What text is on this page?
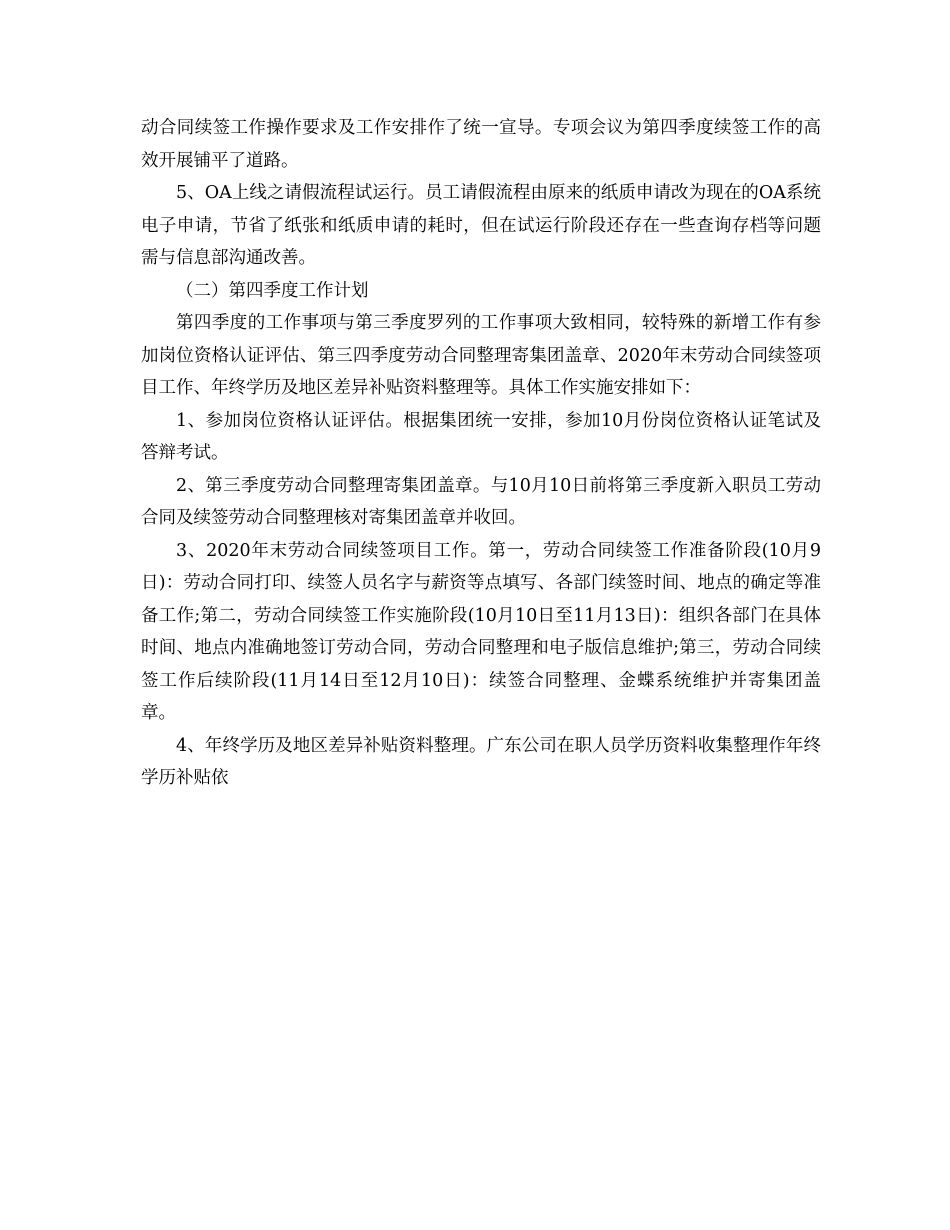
动合同续签工作操作要求及工作安排作了统一宣导。专项会议为第四季度续签工作的高效开展铺平了道路。

5、OA上线之请假流程试运行。员工请假流程由原来的纸质申请改为现在的OA系统电子申请，节省了纸张和纸质申请的耗时，但在试运行阶段还存在一些查询存档等问题需与信息部沟通改善。

（二）第四季度工作计划

第四季度的工作事项与第三季度罗列的工作事项大致相同，较特殊的新增工作有参加岗位资格认证评估、第三四季度劳动合同整理寄集团盖章、2020年末劳动合同续签项目工作、年终学历及地区差异补贴资料整理等。具体工作实施安排如下：

1、参加岗位资格认证评估。根据集团统一安排，参加10月份岗位资格认证笔试及答辩考试。

2、第三季度劳动合同整理寄集团盖章。与10月10日前将第三季度新入职员工劳动合同及续签劳动合同整理核对寄集团盖章并收回。

3、2020年末劳动合同续签项目工作。第一，劳动合同续签工作准备阶段(10月9日)：劳动合同打印、续签人员名字与薪资等点填写、各部门续签时间、地点的确定等准备工作;第二，劳动合同续签工作实施阶段(10月10日至11月13日)：组织各部门在具体时间、地点内准确地签订劳动合同，劳动合同整理和电子版信息维护;第三，劳动合同续签工作后续阶段(11月14日至12月10日)：续签合同整理、金蝶系统维护并寄集团盖章。

4、年终学历及地区差异补贴资料整理。广东公司在职人员学历资料收集整理作年终学历补贴依
